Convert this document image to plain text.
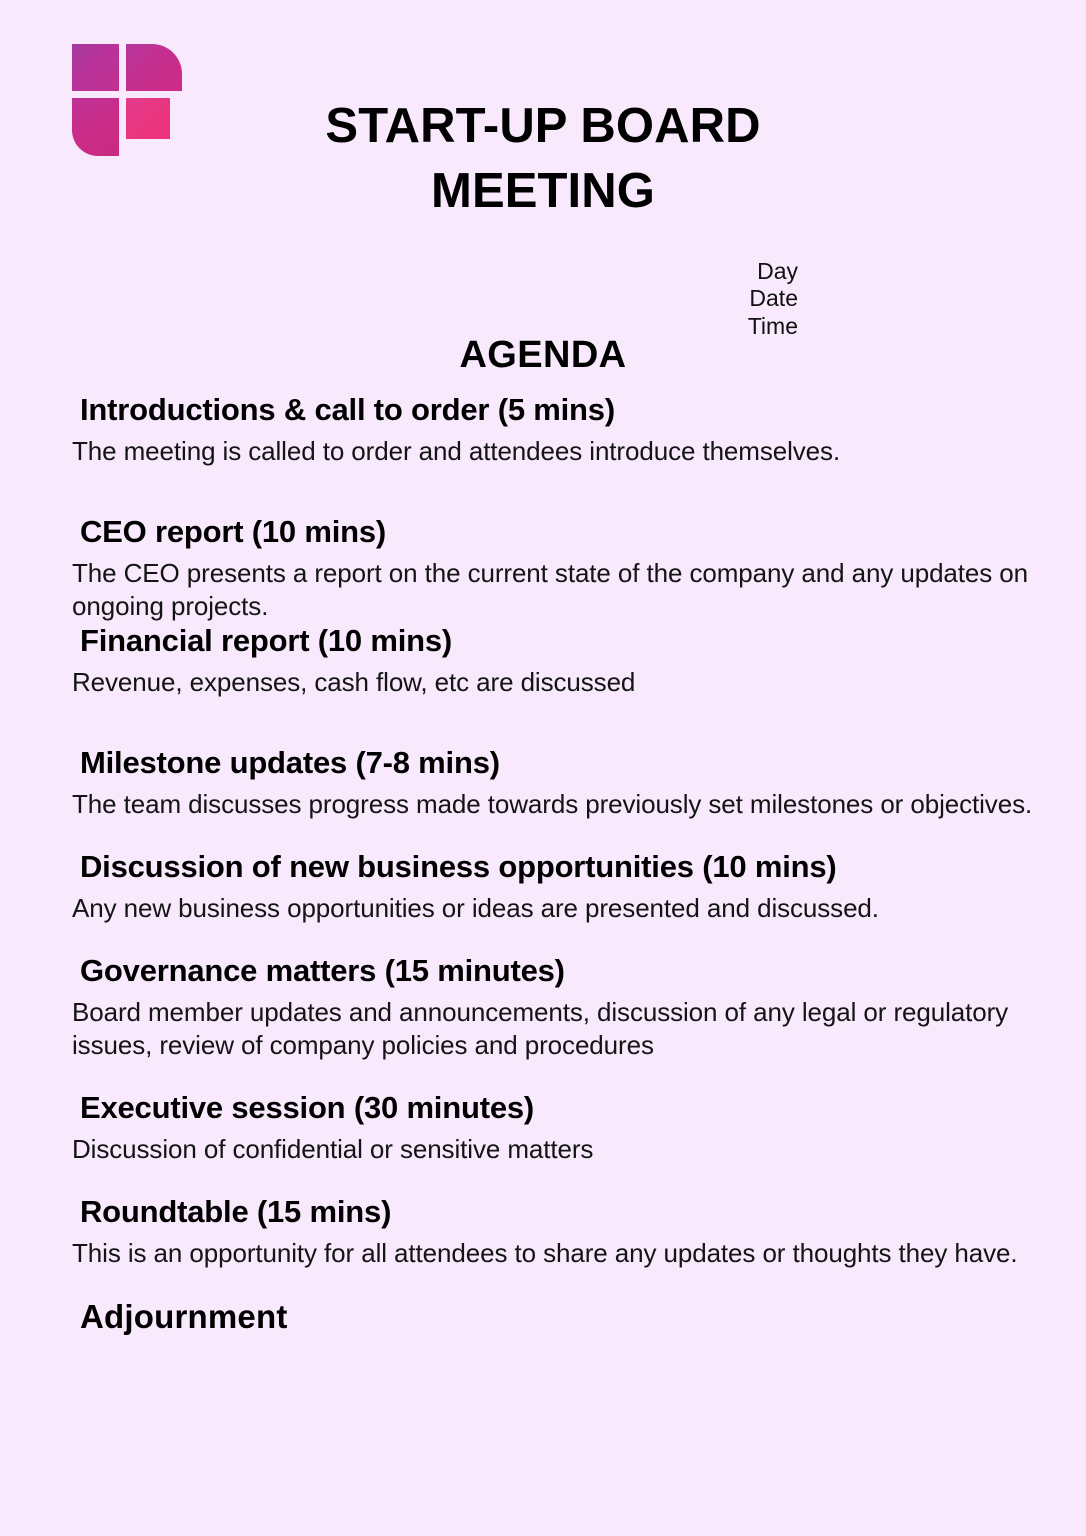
START-UP BOARD
MEETING
Day
Date
Time
AGENDA
Introductions & call to order (5 mins)

The meeting is called to order and attendees introduce themselves.

CEO report (10 mins)

The CEO presents a report on the current state of the company and any updates on ongoing projects.

Financial report (10 mins)

Revenue, expenses, cash flow, etc are discussed

Milestone updates (7-8 mins)

The team discusses progress made towards previously set milestones or objectives.

Discussion of new business opportunities (10 mins)

Any new business opportunities or ideas are presented and discussed.

Governance matters (15 minutes)

Board member updates and announcements, discussion of any legal or regulatory issues, review of company policies and procedures

Executive session (30 minutes)

Discussion of confidential or sensitive matters

Roundtable (15 mins)

This is an opportunity for all attendees to share any updates or thoughts they have.

Adjournment
